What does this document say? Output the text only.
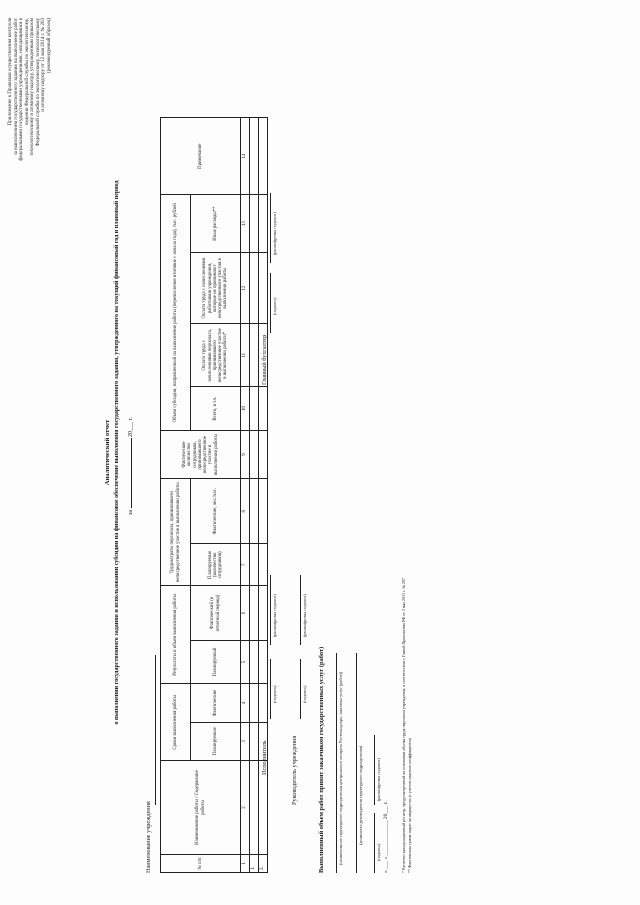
Приложение к Правилам осуществления контроля за выполнением государственного задания на выполнение работ федеральными государственными учреждениями, находящимися в ведении Федеральной службы по экологическому, технологическому и атомному надзору, утвержденным приказом Федеральной службы по экологическому, технологическому и атомному надзору от 12 мая 2014 г. № 203 (рекомендуемый образец)
Аналитический отчет о выполнении государственного задания и использовании субсидии на финансовое обеспечение выполнения государственного задания, утвержденного на текущий финансовый год и плановый период за  20___ г.
Наименование учреждения	№ п/п	Наименование работы / Содержание работы	Сроки выполнения работы		Результаты и объем выполнения работы		Трудозатраты персонала, принимавшего непосредственное участие в выполнении работы		Фактическое количество сотрудников, принимавшего непосредственное участие в выполнении работы	Объем субсидии, направленный на выполнение работы (перечисление итоговое с начала года), тыс. рублей				Примечание
		Планируемые	Фактические	Планируемый	Фактический (в отчетный период)	Планируемые (количество сотрудников)	Фактические, чел./час.		Всего, в т.ч.	Оплата труда с начислениями персонала, принимавшего непосредственное участие в выполнении работы*	Оплата труда с начислениями работников учреждения, которые не принимают непосредственного участия в выполнении работы	Иные расходы**	
1	2	3	4	5	6	7	8	9	10	11	12	13	14
1.													
2.													
Исполнитель
(подпись)
(расшифровка подписи)
Главный бухгалтер
(подпись)
(расшифровка подписи)
Руководитель учреждения
(подпись)
(расшифровка подписи)
Выполненный объем работ принят заказчиком государственных услуг (работ)	(наименование структурного подразделения центрального аппарата Ростехнадзора, заказчика услуг (работ))	(должность руководителя структурного подразделения)
(подпись)
(расшифровка подписи)
« ___ » _____________ 20___ г.	* Расчетно-калькуляционный регистр, предусмотренный на основании объема труда персонала учреждения, в соответствии с Главой Приложения РФ от 3 мая 2013 г. № 297 ** Фактическая сумма затрат на имущество (с учетом лицевого коэффициента)
